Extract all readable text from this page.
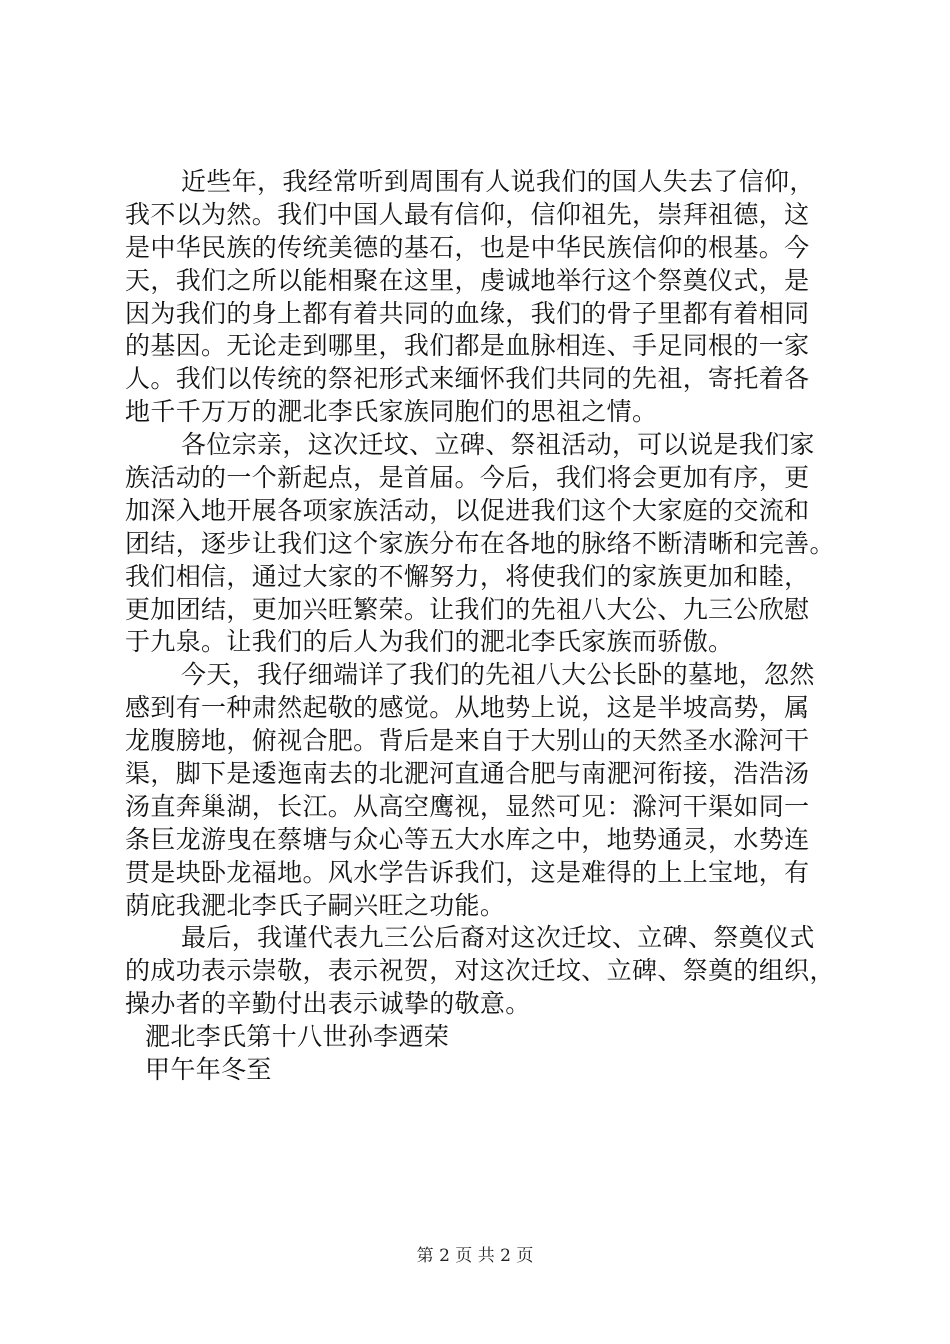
近些年，我经常听到周围有人说我们的国人失去了信仰，
我不以为然。我们中国人最有信仰，信仰祖先，崇拜祖德，这
是中华民族的传统美德的基石，也是中华民族信仰的根基。今
天，我们之所以能相聚在这里，虔诚地举行这个祭奠仪式，是
因为我们的身上都有着共同的血缘，我们的骨子里都有着相同
的基因。无论走到哪里，我们都是血脉相连、手足同根的一家
人。我们以传统的祭祀形式来缅怀我们共同的先祖，寄托着各
地千千万万的淝北李氏家族同胞们的思祖之情。
各位宗亲，这次迁坟、立碑、祭祖活动，可以说是我们家
族活动的一个新起点，是首届。今后，我们将会更加有序，更
加深入地开展各项家族活动，以促进我们这个大家庭的交流和
团结，逐步让我们这个家族分布在各地的脉络不断清晰和完善。
我们相信，通过大家的不懈努力，将使我们的家族更加和睦，
更加团结，更加兴旺繁荣。让我们的先祖八大公、九三公欣慰
于九泉。让我们的后人为我们的淝北李氏家族而骄傲。
今天，我仔细端详了我们的先祖八大公长卧的墓地，忽然
感到有一种肃然起敬的感觉。从地势上说，这是半坡高势，属
龙腹膀地，俯视合肥。背后是来自于大别山的天然圣水滁河干
渠，脚下是逶迤南去的北淝河直通合肥与南淝河衔接，浩浩汤
汤直奔巢湖，长江。从高空鹰视，显然可见：滁河干渠如同一
条巨龙游曳在蔡塘与众心等五大水库之中，地势通灵，水势连
贯是块卧龙福地。风水学告诉我们，这是难得的上上宝地，有
荫庇我淝北李氏子嗣兴旺之功能。
最后，我谨代表九三公后裔对这次迁坟、立碑、祭奠仪式
的成功表示崇敬，表示祝贺，对这次迁坟、立碑、祭奠的组织，
操办者的辛勤付出表示诚挚的敬意。
淝北李氏第十八世孙李迺荣
甲午年冬至
第 2 页 共 2 页
